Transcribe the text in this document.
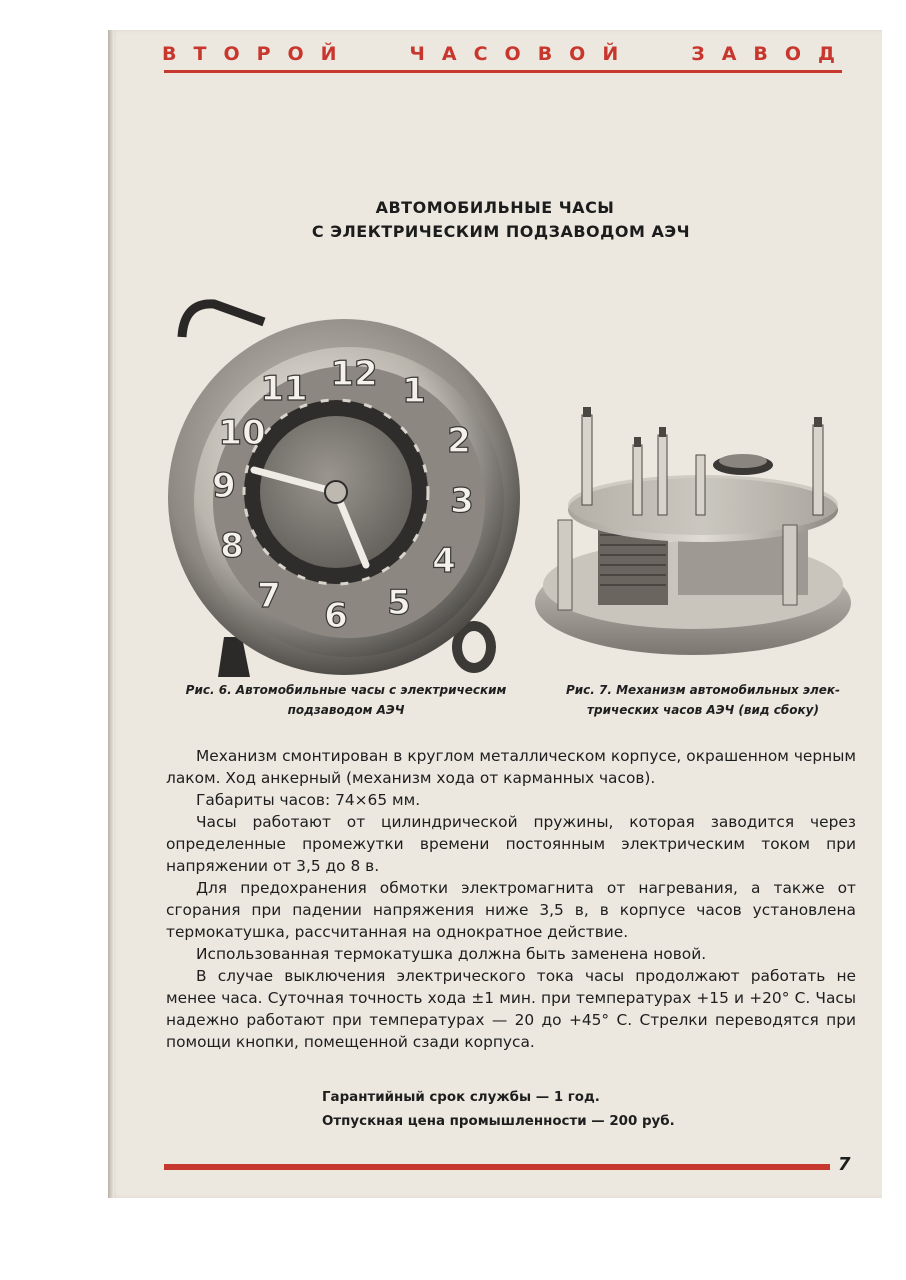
ВТОРОЙ	ЧАСОВОЙ	ЗАВОД
АВТОМОБИЛЬНЫЕ ЧАСЫ
С ЭЛЕКТРИЧЕСКИМ ПОДЗАВОДОМ АЭЧ
12 1
2
3
4
5
6
7
8
9
10
11
Рис. 6. Автомобильные часы с электрическим
подзаводом АЭЧ
Рис. 7. Механизм автомобильных элек-
трических часов АЭЧ (вид сбоку)

Механизм смонтирован в круглом металлическом корпусе, окрашенном черным лаком. Ход анкерный (механизм хода от карманных часов).

Габариты часов: 74×65 мм.

Часы работают от цилиндрической пружины, которая заводится через определенные промежутки времени постоянным электрическим током при напряжении от 3,5 до 8 в.

Для предохранения обмотки электромагнита от нагревания, а также от сгорания при падении напряжения ниже 3,5 в, в корпусе часов установлена термокатушка, рассчитанная на однократное действие.

Использованная термокатушка должна быть заменена новой.

В случае выключения электрического тока часы продолжают работать не менее часа. Суточная точность хода ±1 мин. при температурах +15 и +20° С. Часы надежно работают при температурах — 20 до +45° С. Стрелки переводятся при помощи кнопки, помещенной сзади корпуса.

Гарантийный срок службы — 1 год.
Отпускная цена промышленности — 200 руб.
7
